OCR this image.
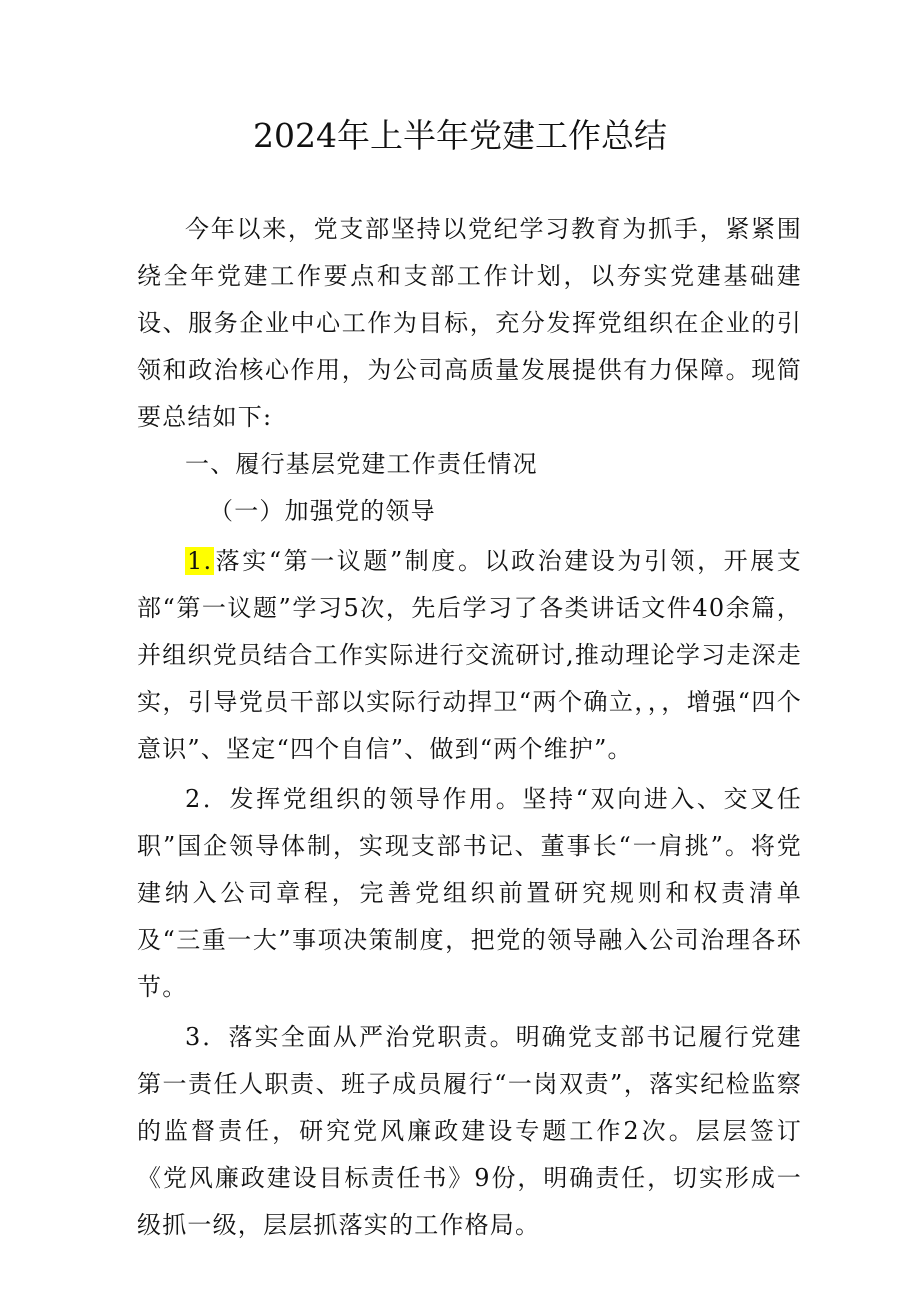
2024年上半年党建工作总结

今年以来，党支部坚持以党纪学习教育为抓手，紧紧围绕全年党建工作要点和支部工作计划，以夯实党建基础建设、服务企业中心工作为目标，充分发挥党组织在企业的引领和政治核心作用，为公司高质量发展提供有力保障。现简要总结如下:

一、履行基层党建工作责任情况

（一）加强党的领导

1.落实“第一议题”制度。以政治建设为引领，开展支部“第一议题”学习5次，先后学习了各类讲话文件40余篇，并组织党员结合工作实际进行交流研讨,推动理论学习走深走实，引导党员干部以实际行动捍卫“两个确立，，，增强“四个意识”、坚定“四个自信”、做到“两个维护”。

2．发挥党组织的领导作用。坚持“双向进入、交叉任职”国企领导体制，实现支部书记、董事长“一肩挑”。将党建纳入公司章程，完善党组织前置研究规则和权责清单及“三重一大”事项决策制度，把党的领导融入公司治理各环节。

3．落实全面从严治党职责。明确党支部书记履行党建第一责任人职责、班子成员履行“一岗双责”，落实纪检监察的监督责任，研究党风廉政建设专题工作2次。层层签订《党风廉政建设目标责任书》9份，明确责任，切实形成一级抓一级，层层抓落实的工作格局。
